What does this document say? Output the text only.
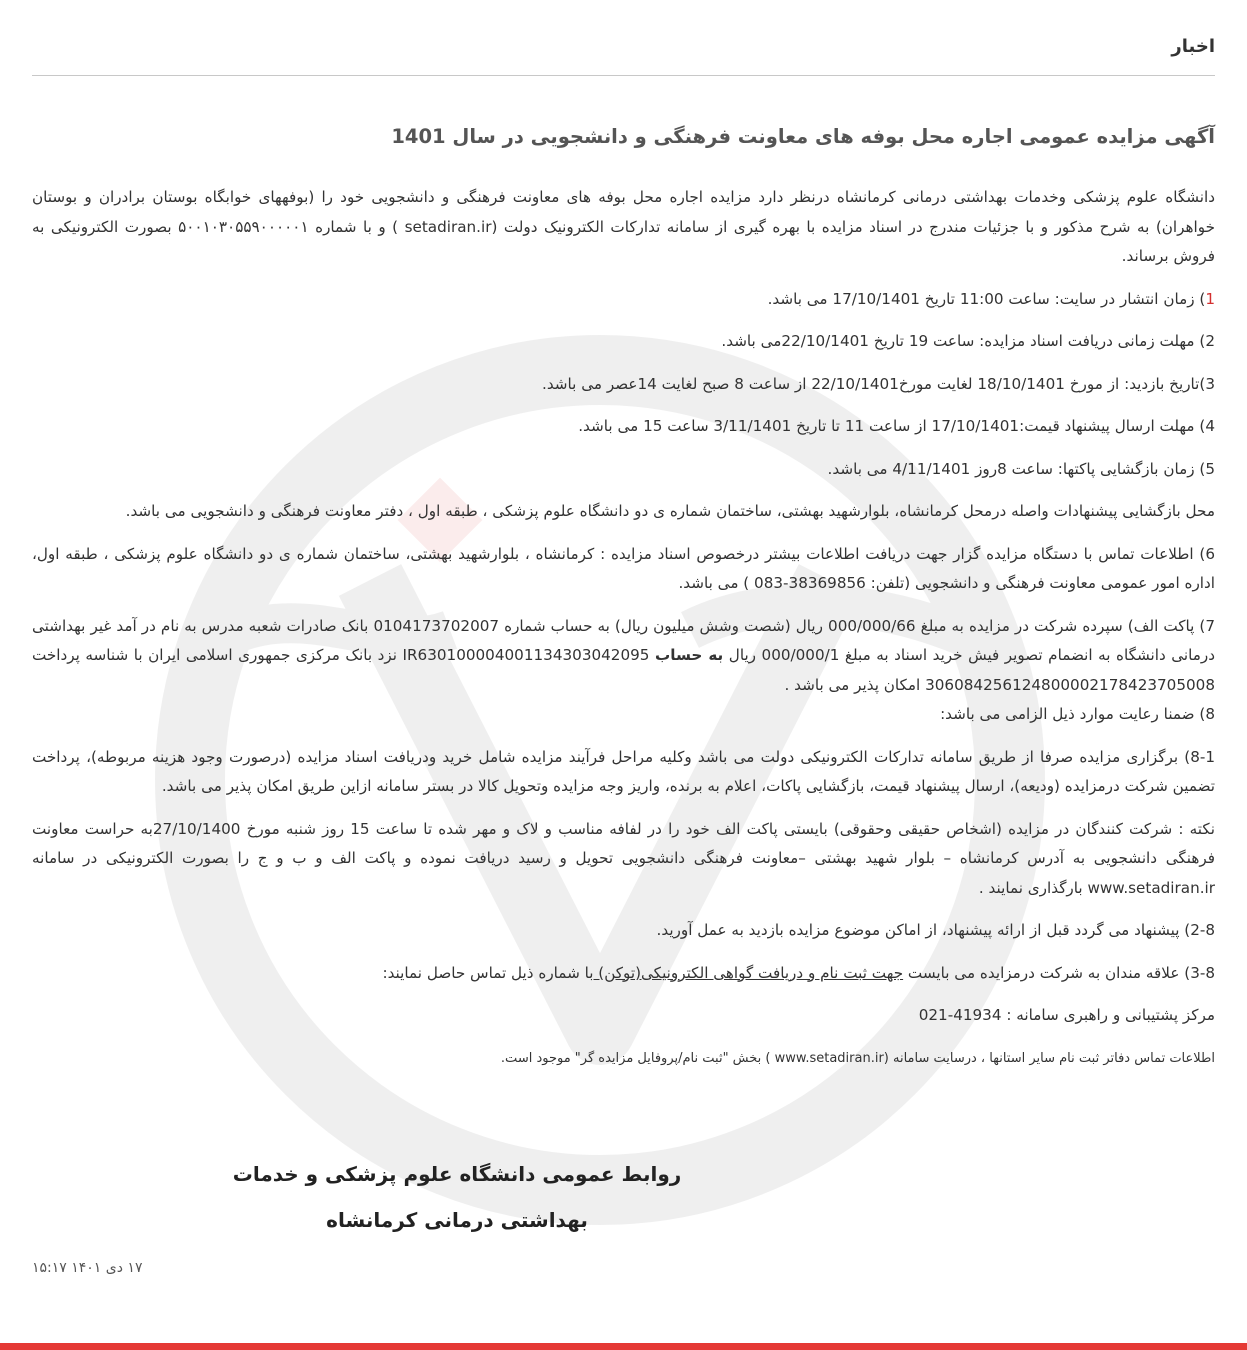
اخبار
آگهی مزایده عمومی اجاره محل بوفه های معاونت فرهنگی و دانشجویی در سال 1401

دانشگاه علوم پزشکی وخدمات بهداشتی درمانی کرمانشاه درنظر دارد مزایده اجاره محل بوفه های معاونت فرهنگی و دانشجویی خود را (بوفههای خوابگاه بوستان برادران و بوستان خواهران) به شرح مذکور و با جزئیات مندرج در اسناد مزایده با بهره گیری از سامانه تدارکات الکترونیک دولت (setadiran.ir ) و با شماره ۵۰۰۱۰۳۰۵۵۹۰۰۰۰۰۱ بصورت الکترونیکی به فروش برساند.

1) زمان انتشار در سایت: ساعت 11:00 تاریخ 17/10/1401 می باشد.

2) مهلت زمانی دریافت اسناد مزایده: ساعت 19 تاریخ 22/10/1401می باشد.

3)تاریخ بازدید: از مورخ 18/10/1401 لغایت مورخ22/10/1401 از ساعت 8 صبح لغایت 14عصر می باشد.

4) مهلت ارسال پیشنهاد قیمت:17/10/1401 از ساعت 11 تا تاریخ 3/11/1401 ساعت 15 می باشد.

5) زمان بازگشایی پاکتها: ساعت 8روز 4/11/1401 می باشد.

محل بازگشایی پیشنهادات واصله درمحل کرمانشاه، بلوارشهید بهشتی، ساختمان شماره ی دو دانشگاه علوم پزشکی ، طبقه اول ، دفتر معاونت فرهنگی و دانشجویی می باشد.

6) اطلاعات تماس با دستگاه مزایده گزار جهت دریافت اطلاعات بیشتر درخصوص اسناد مزایده : کرمانشاه ، بلوارشهید بهشتی، ساختمان شماره ی دو دانشگاه علوم پزشکی ، طبقه اول، اداره امور عمومی معاونت فرهنگی و دانشجویی (تلفن: 38369856-083 ) می باشد.

7) پاکت الف) سپرده شرکت در مزایده به مبلغ 000/000/66 ریال (شصت وشش میلیون ریال) به حساب شماره 0104173702007 بانک صادرات شعبه مدرس به نام در آمد غیر بهداشتی درمانی دانشگاه به انضمام تصویر فیش خرید اسناد به مبلغ 000/000/1 ریال به حساب IR630100004001134303042095 نزد بانک مرکزی جمهوری اسلامی ایران با شناسه پرداخت 306084256124800002178423705008 امکان پذیر می باشد .

8) ضمنا رعایت موارد ذیل الزامی می باشد:

8-1) برگزاری مزایده صرفا از طریق سامانه تدارکات الکترونیکی دولت می باشد وکلیه مراحل فرآیند مزایده شامل خرید ودریافت اسناد مزایده (درصورت وجود هزینه مربوطه)، پرداخت تضمین شرکت درمزایده (ودیعه)، ارسال پیشنهاد قیمت، بازگشایی پاکات، اعلام به برنده، واریز وجه مزایده وتحویل کالا در بستر سامانه ازاین طریق امکان پذیر می باشد.

نکته : شرکت کنندگان در مزایده (اشخاص حقیقی وحقوقی) بایستی پاکت الف خود را در لفافه مناسب و لاک و مهر شده تا ساعت 15 روز شنبه مورخ 27/10/1400به حراست معاونت فرهنگی دانشجویی به آدرس کرمانشاه – بلوار شهید بهشتی –معاونت فرهنگی دانشجویی تحویل و رسید دریافت نموده و پاکت الف و ب و ج را بصورت الکترونیکی در سامانه www.setadiran.ir بارگذاری نمایند .

2-8) پیشنهاد می گردد قبل از ارائه پیشنهاد، از اماکن موضوع مزایده بازدید به عمل آورید.

3-8) علاقه مندان به شرکت درمزایده می بایست جهت ثبت نام و دریافت گواهی الکترونیکی(توکن) با شماره ذیل تماس حاصل نمایند:

مرکز پشتیبانی و راهبری سامانه : 41934-021

اطلاعات تماس دفاتر ثبت نام سایر استانها ، درسایت سامانه (www.setadiran.ir ) بخش "ثبت نام/پروفایل مزایده گر" موجود است.

روابط عمومی دانشگاه علوم پزشکی و خدمات
بهداشتی درمانی کرمانشاه
۱۷ دی ۱۴۰۱ ۱۵:۱۷
